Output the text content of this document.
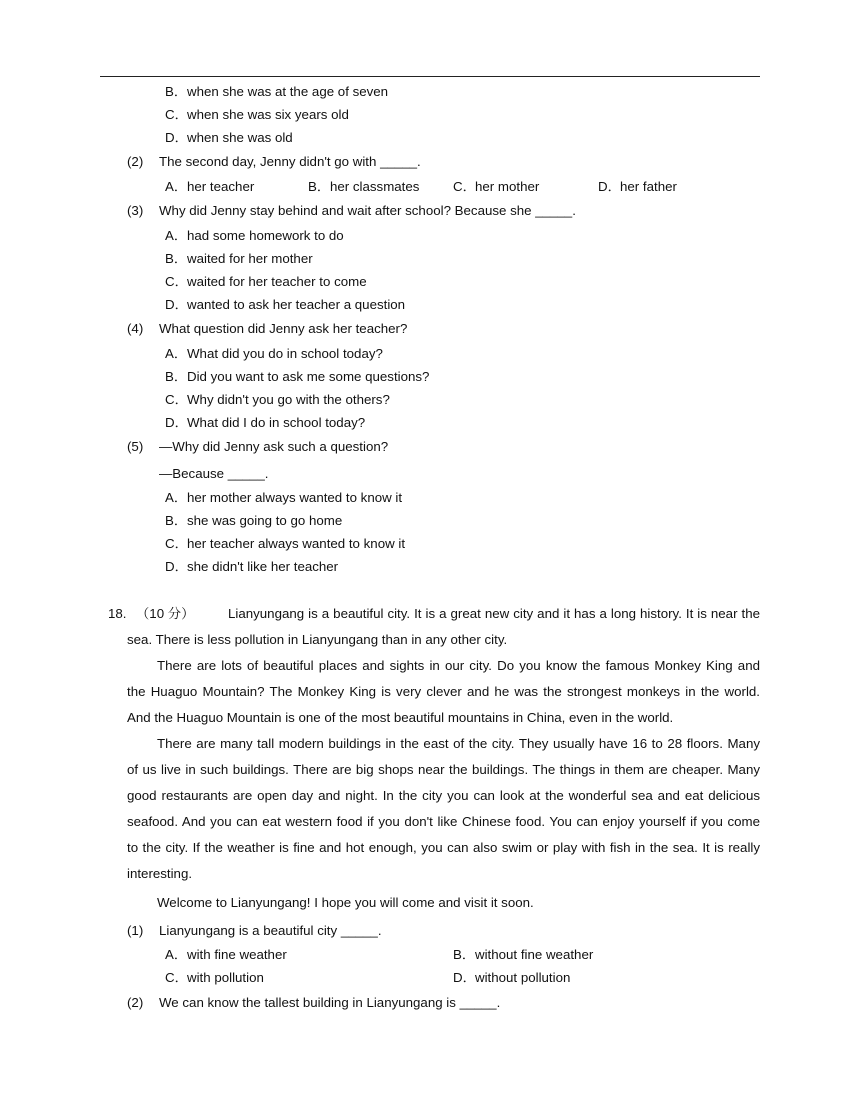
B．when she was at the age of seven
C．when she was six years old
D．when she was old
(2) The second day, Jenny didn't go with _____.
A．her teacher	B．her classmates	C．her mother	D．her father
(3) Why did Jenny stay behind and wait after school? Because she _____.
A．had some homework to do
B．waited for her mother
C．waited for her teacher to come
D．wanted to ask her teacher a question
(4) What question did Jenny ask her teacher?
A．What did you do in school today?
B．Did you want to ask me some questions?
C．Why didn't you go with the others?
D．What did I do in school today?
(5) —Why did Jenny ask such a question?
—Because _____.
A．her mother always wanted to know it
B．she was going to go home
C．her teacher always wanted to know it
D．she didn't like her teacher
18. （10 分）	Lianyungang is a beautiful city. It is a great new city and it has a long history. It is near the
sea. There is less pollution in Lianyungang than in any other city.
There are lots of beautiful places and sights in our city. Do you know the famous Monkey King and
the Huaguo Mountain? The Monkey King is very clever and he was the strongest monkeys in the world.
And the Huaguo Mountain is one of the most beautiful mountains in China, even in the world.
There are many tall modern buildings in the east of the city. They usually have 16 to 28 floors. Many
of us live in such buildings. There are big shops near the buildings. The things in them are cheaper. Many
good restaurants are open day and night. In the city you can look at the wonderful sea and eat delicious
seafood. And you can eat western food if you don't like Chinese food. You can enjoy yourself if you come
to the city. If the weather is fine and hot enough, you can also swim or play with fish in the sea. It is really
interesting.
Welcome to Lianyungang! I hope you will come and visit it soon.
(1) Lianyungang is a beautiful city _____.
A．with fine weather	B．without fine weather
C．with pollution	D．without pollution
(2) We can know the tallest building in Lianyungang is _____.
